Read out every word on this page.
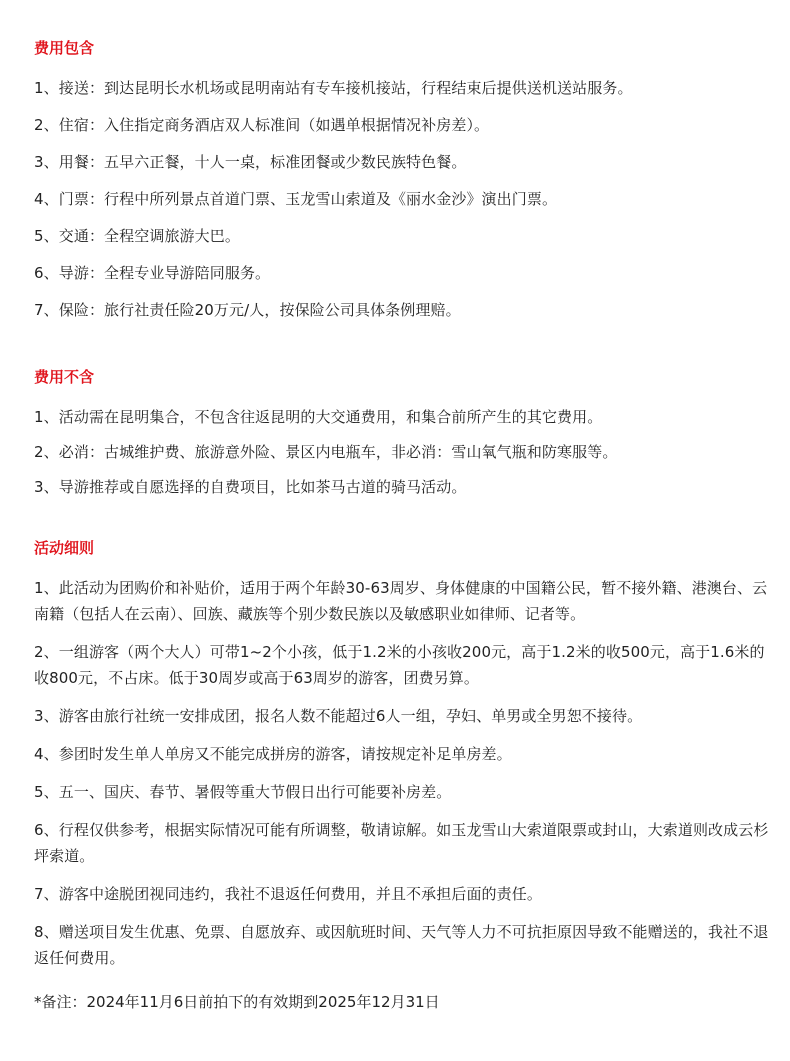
费用包含
1、接送：到达昆明长水机场或昆明南站有专车接机接站，行程结束后提供送机送站服务。
2、住宿：入住指定商务酒店双人标准间（如遇单根据情况补房差）。
3、用餐：五早六正餐，十人一桌，标准团餐或少数民族特色餐。
4、门票：行程中所列景点首道门票、玉龙雪山索道及《丽水金沙》演出门票。
5、交通：全程空调旅游大巴。
6、导游：全程专业导游陪同服务。
7、保险：旅行社责任险20万元/人，按保险公司具体条例理赔。
费用不含
1、活动需在昆明集合，不包含往返昆明的大交通费用，和集合前所产生的其它费用。
2、必消：古城维护费、旅游意外险、景区内电瓶车，非必消：雪山氧气瓶和防寒服等。
3、导游推荐或自愿选择的自费项目，比如茶马古道的骑马活动。
活动细则
1、此活动为团购价和补贴价，适用于两个年龄30-63周岁、身体健康的中国籍公民，暂不接外籍、港澳台、云南籍（包括人在云南）、回族、藏族等个别少数民族以及敏感职业如律师、记者等。
2、一组游客（两个大人）可带1~2个小孩，低于1.2米的小孩收200元，高于1.2米的收500元，高于1.6米的收800元，不占床。低于30周岁或高于63周岁的游客，团费另算。
3、游客由旅行社统一安排成团，报名人数不能超过6人一组，孕妇、单男或全男恕不接待。
4、参团时发生单人单房又不能完成拼房的游客，请按规定补足单房差。
5、五一、国庆、春节、暑假等重大节假日出行可能要补房差。
6、行程仅供参考，根据实际情况可能有所调整，敬请谅解。如玉龙雪山大索道限票或封山，大索道则改成云杉坪索道。
7、游客中途脱团视同违约，我社不退返任何费用，并且不承担后面的责任。
8、赠送项目发生优惠、免票、自愿放弃、或因航班时间、天气等人力不可抗拒原因导致不能赠送的，我社不退返任何费用。
*备注：2024年11月6日前拍下的有效期到2025年12月31日
